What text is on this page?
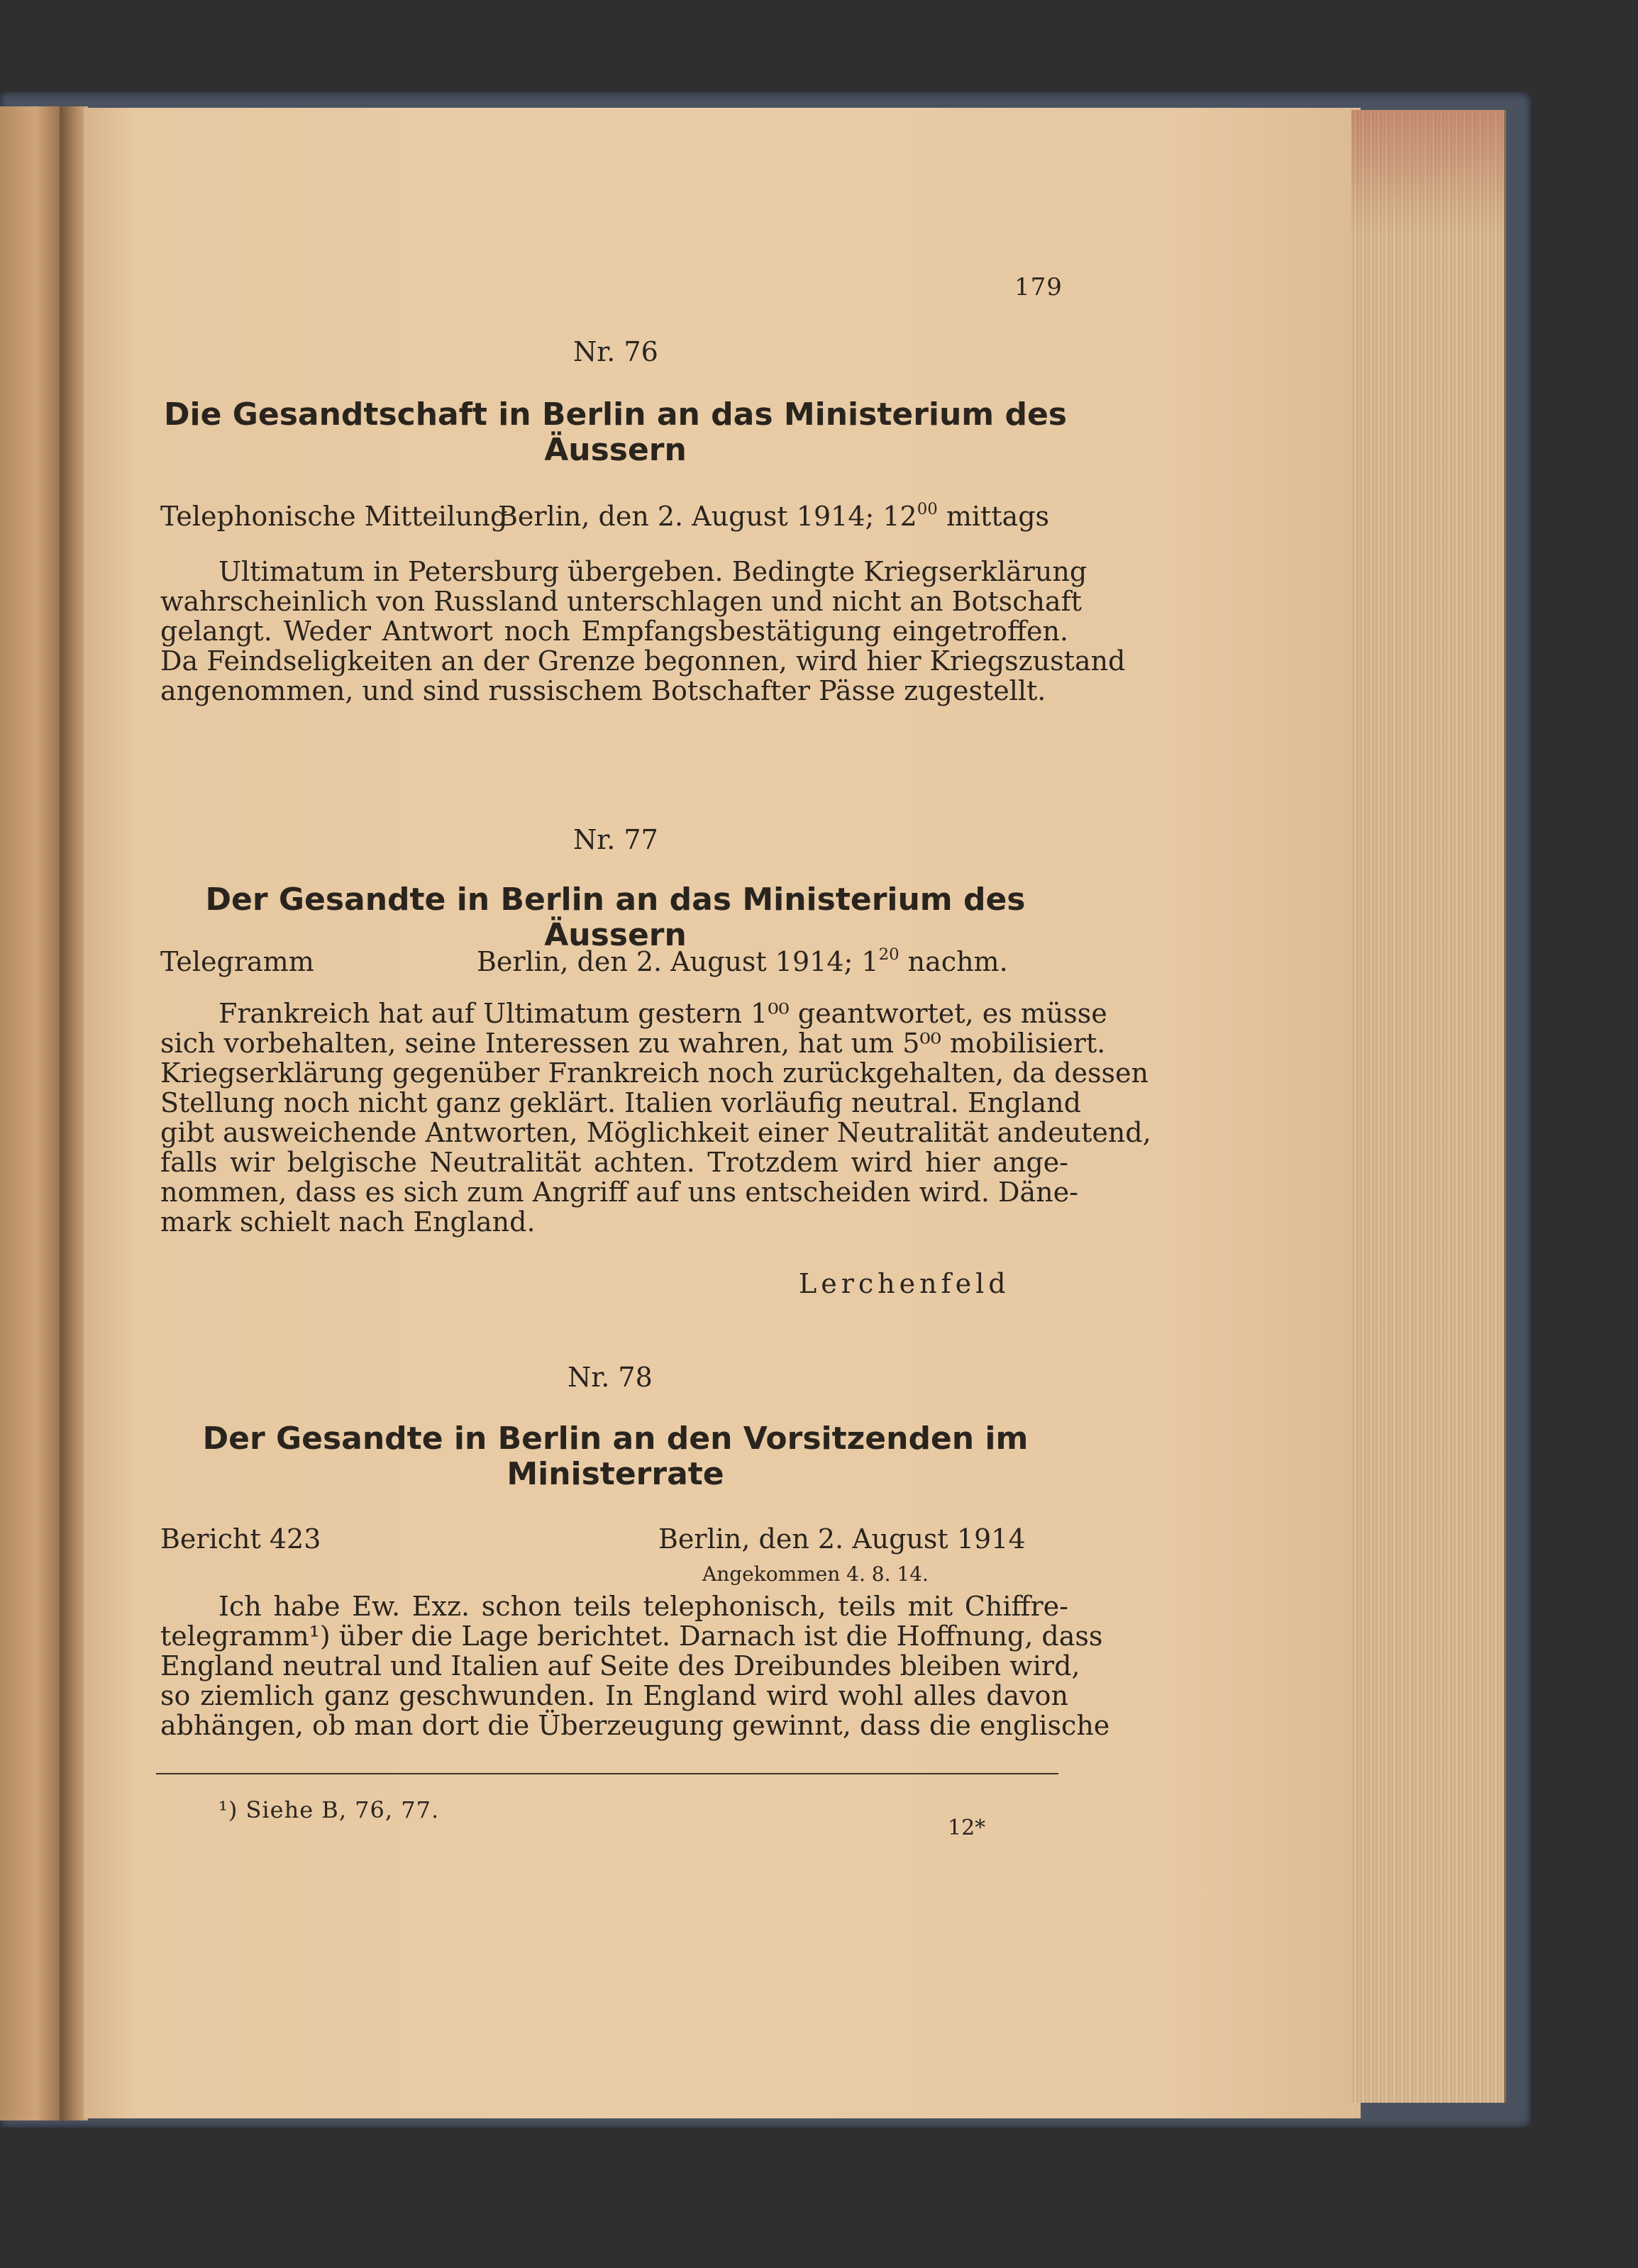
179
Nr. 76
Die Gesandtschaft in Berlin an das Ministerium des
Äussern
Telephonische Mitteilung
Berlin, den 2. August 1914; $12^{00}$ mittags
Ultimatum in Petersburg übergeben. Bedingte Kriegserklärung
wahrscheinlich von Russland unterschlagen und nicht an Botschaft
gelangt. Weder Antwort noch Empfangsbestätigung eingetroffen.
Da Feindseligkeiten an der Grenze begonnen, wird hier Kriegszustand
angenommen, und sind russischem Botschafter Pässe zugestellt.
Nr. 77
Der Gesandte in Berlin an das Ministerium des Äussern
Telegramm	Berlin, den 2. August 1914; $1^{20}$ nachm.
Frankreich hat auf Ultimatum gestern 1⁰⁰ geantwortet, es müsse
sich vorbehalten, seine Interessen zu wahren, hat um 5⁰⁰ mobilisiert.
Kriegserklärung gegenüber Frankreich noch zurückgehalten, da dessen
Stellung noch nicht ganz geklärt. Italien vorläufig neutral. England
gibt ausweichende Antworten, Möglichkeit einer Neutralität andeutend,
falls wir belgische Neutralität achten. Trotzdem wird hier ange-
nommen, dass es sich zum Angriff auf uns entscheiden wird. Däne-
mark schielt nach England.
Lerchenfeld
Nr. 78
Der Gesandte in Berlin an den Vorsitzenden im
Ministerrate
Bericht 423	Berlin, den 2. August 1914
Angekommen 4. 8. 14.
Ich habe Ew. Exz. schon teils telephonisch, teils mit Chiffre-
telegramm¹) über die Lage berichtet. Darnach ist die Hoffnung, dass
England neutral und Italien auf Seite des Dreibundes bleiben wird,
so ziemlich ganz geschwunden. In England wird wohl alles davon
abhängen, ob man dort die Überzeugung gewinnt, dass die englische
¹) Siehe B, 76, 77.
12*
